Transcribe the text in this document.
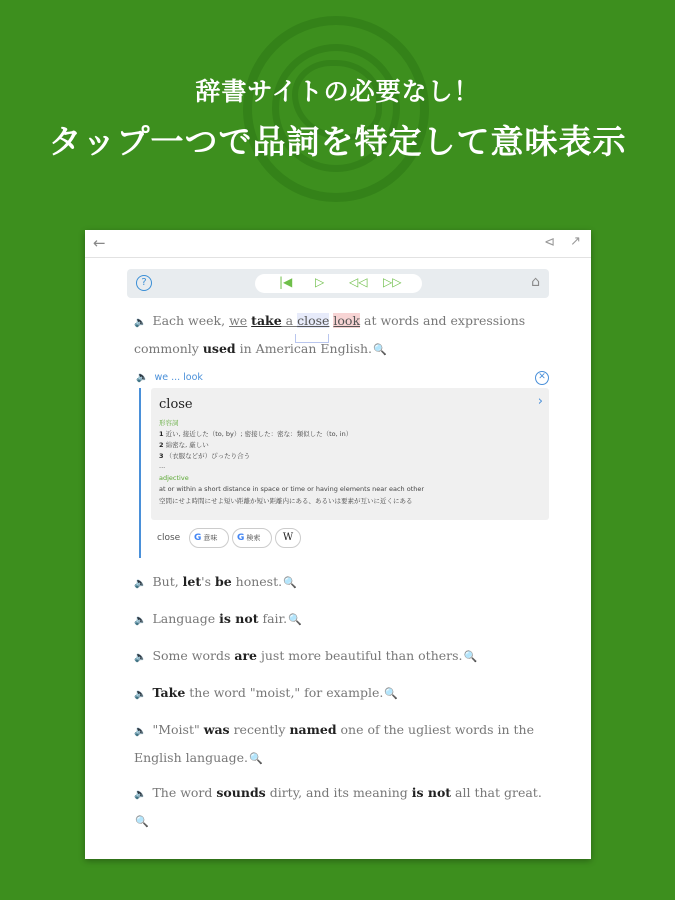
辞書サイトの必要なし！
タップ一つで品詞を特定して意味表示
←	⊲ ↗
?	|◀ ▷ ◁◁ ▷▷	⌂
🔈 Each week, we take a close look at words and expressions commonly used in American English.🔍
🔈 But, let's be honest.🔍
🔈 Language is not fair.🔍
🔈 Some words are just more beautiful than others.🔍
🔈 Take the word "moist," for example.🔍
🔈 "Moist" was recently named one of the ugliest words in the English language.🔍
🔈 The word sounds dirty, and its meaning is not all that great.🔍
🔈 we ... look	✕
close	›
形容詞
1 近い, 接近した（to, by）; 密接した：密な：類似した（to, in）
2 綿密な, 厳しい
3 （衣服などが）ぴったり合う
...
adjective
at or within a short distance in space or time or having elements near each other
空間にせよ時間にせよ短い距離か短い距離内にある、あるいは要素が互いに近くにある
close	G 意味	G 検索	W
